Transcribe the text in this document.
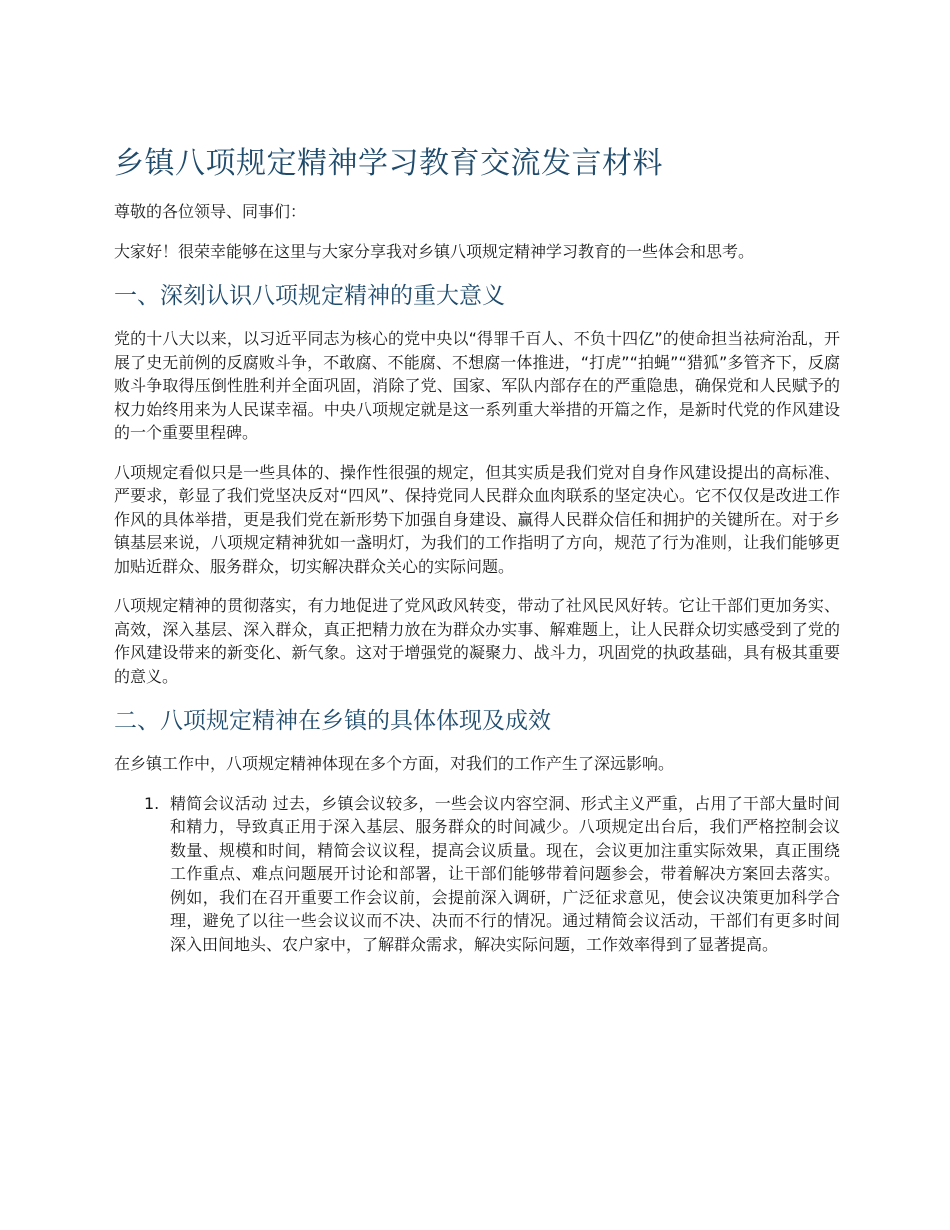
乡镇八项规定精神学习教育交流发言材料

尊敬的各位领导、同事们：

大家好！很荣幸能够在这里与大家分享我对乡镇八项规定精神学习教育的一些体会和思考。

一、深刻认识八项规定精神的重大意义

党的十八大以来，以习近平同志为核心的党中央以“得罪千百人、不负十四亿”的使命担当祛疴治乱，开展了史无前例的反腐败斗争，不敢腐、不能腐、不想腐一体推进，“打虎”“拍蝇”“猎狐”多管齐下，反腐败斗争取得压倒性胜利并全面巩固，消除了党、国家、军队内部存在的严重隐患，确保党和人民赋予的权力始终用来为人民谋幸福。中央八项规定就是这一系列重大举措的开篇之作，是新时代党的作风建设的一个重要里程碑。

八项规定看似只是一些具体的、操作性很强的规定，但其实质是我们党对自身作风建设提出的高标准、严要求，彰显了我们党坚决反对“四风”、保持党同人民群众血肉联系的坚定决心。它不仅仅是改进工作作风的具体举措，更是我们党在新形势下加强自身建设、赢得人民群众信任和拥护的关键所在。对于乡镇基层来说，八项规定精神犹如一盏明灯，为我们的工作指明了方向，规范了行为准则，让我们能够更加贴近群众、服务群众，切实解决群众关心的实际问题。

八项规定精神的贯彻落实，有力地促进了党风政风转变，带动了社风民风好转。它让干部们更加务实、高效，深入基层、深入群众，真正把精力放在为群众办实事、解难题上，让人民群众切实感受到了党的作风建设带来的新变化、新气象。这对于增强党的凝聚力、战斗力，巩固党的执政基础，具有极其重要的意义。

二、八项规定精神在乡镇的具体体现及成效

在乡镇工作中，八项规定精神体现在多个方面，对我们的工作产生了深远影响。

1. 精简会议活动 过去，乡镇会议较多，一些会议内容空洞、形式主义严重，占用了干部大量时间和精力，导致真正用于深入基层、服务群众的时间减少。八项规定出台后，我们严格控制会议数量、规模和时间，精简会议议程，提高会议质量。现在，会议更加注重实际效果，真正围绕工作重点、难点问题展开讨论和部署，让干部们能够带着问题参会，带着解决方案回去落实。例如，我们在召开重要工作会议前，会提前深入调研，广泛征求意见，使会议决策更加科学合理，避免了以往一些会议议而不决、决而不行的情况。通过精简会议活动，干部们有更多时间深入田间地头、农户家中，了解群众需求，解决实际问题，工作效率得到了显著提高。
